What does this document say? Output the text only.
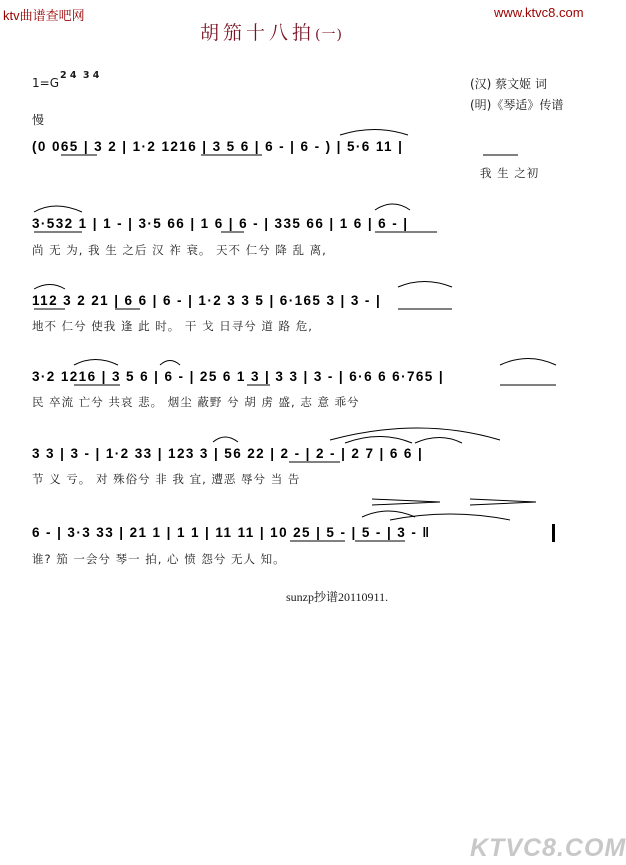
ktv曲谱查吧网	www.ktvc8.com
胡笳十八拍(一)
1=G
2 4 3 4
慢
(汉) 蔡文姬 词
(明)《琴适》传谱
(0 065 | 3 2 | 1·2 1216 | 3 5 6 | 6 - | 6 - ) | 5·6 11 |
我 生 之初
3·532 1 | 1 - | 3·5 66 | 1 6 | 6 - | 335 66 | 1 6 | 6 - |
尚 无 为, 我 生 之后 汉 祚 衰。 天不 仁兮 降 乱 离,
112 3 2 21 | 6 6 | 6 - | 1·2 3 3 5 | 6·165 3 | 3 - |
地不 仁兮 使我 逢 此 时。 干 戈 日寻兮 道 路 危,
3·2 1216 | 3 5 6 | 6 - | 25 6 1 3 | 3 3 | 3 - | 6·6 6 6·765 |
民 卒流 亡兮 共哀 悲。 烟尘 蔽野 兮 胡 虏 盛, 志 意 乖兮
3 3 | 3 - | 1·2 33 | 123 3 | 56 22 | 2 - | 2 - | 2 7 | 6 6 |
节 义 亏。 对 殊俗兮 非 我 宜, 遭恶 辱兮 当 告
6 - | 3·3 33 | 21 1 | 1 1 | 11 11 | 10 25 | 5 - | 5 - | 3 - ‖
谁? 笳 一会兮 琴一 拍, 心 愤 怨兮 无人 知。
sunzp抄谱20110911.
KTVC8.COM
